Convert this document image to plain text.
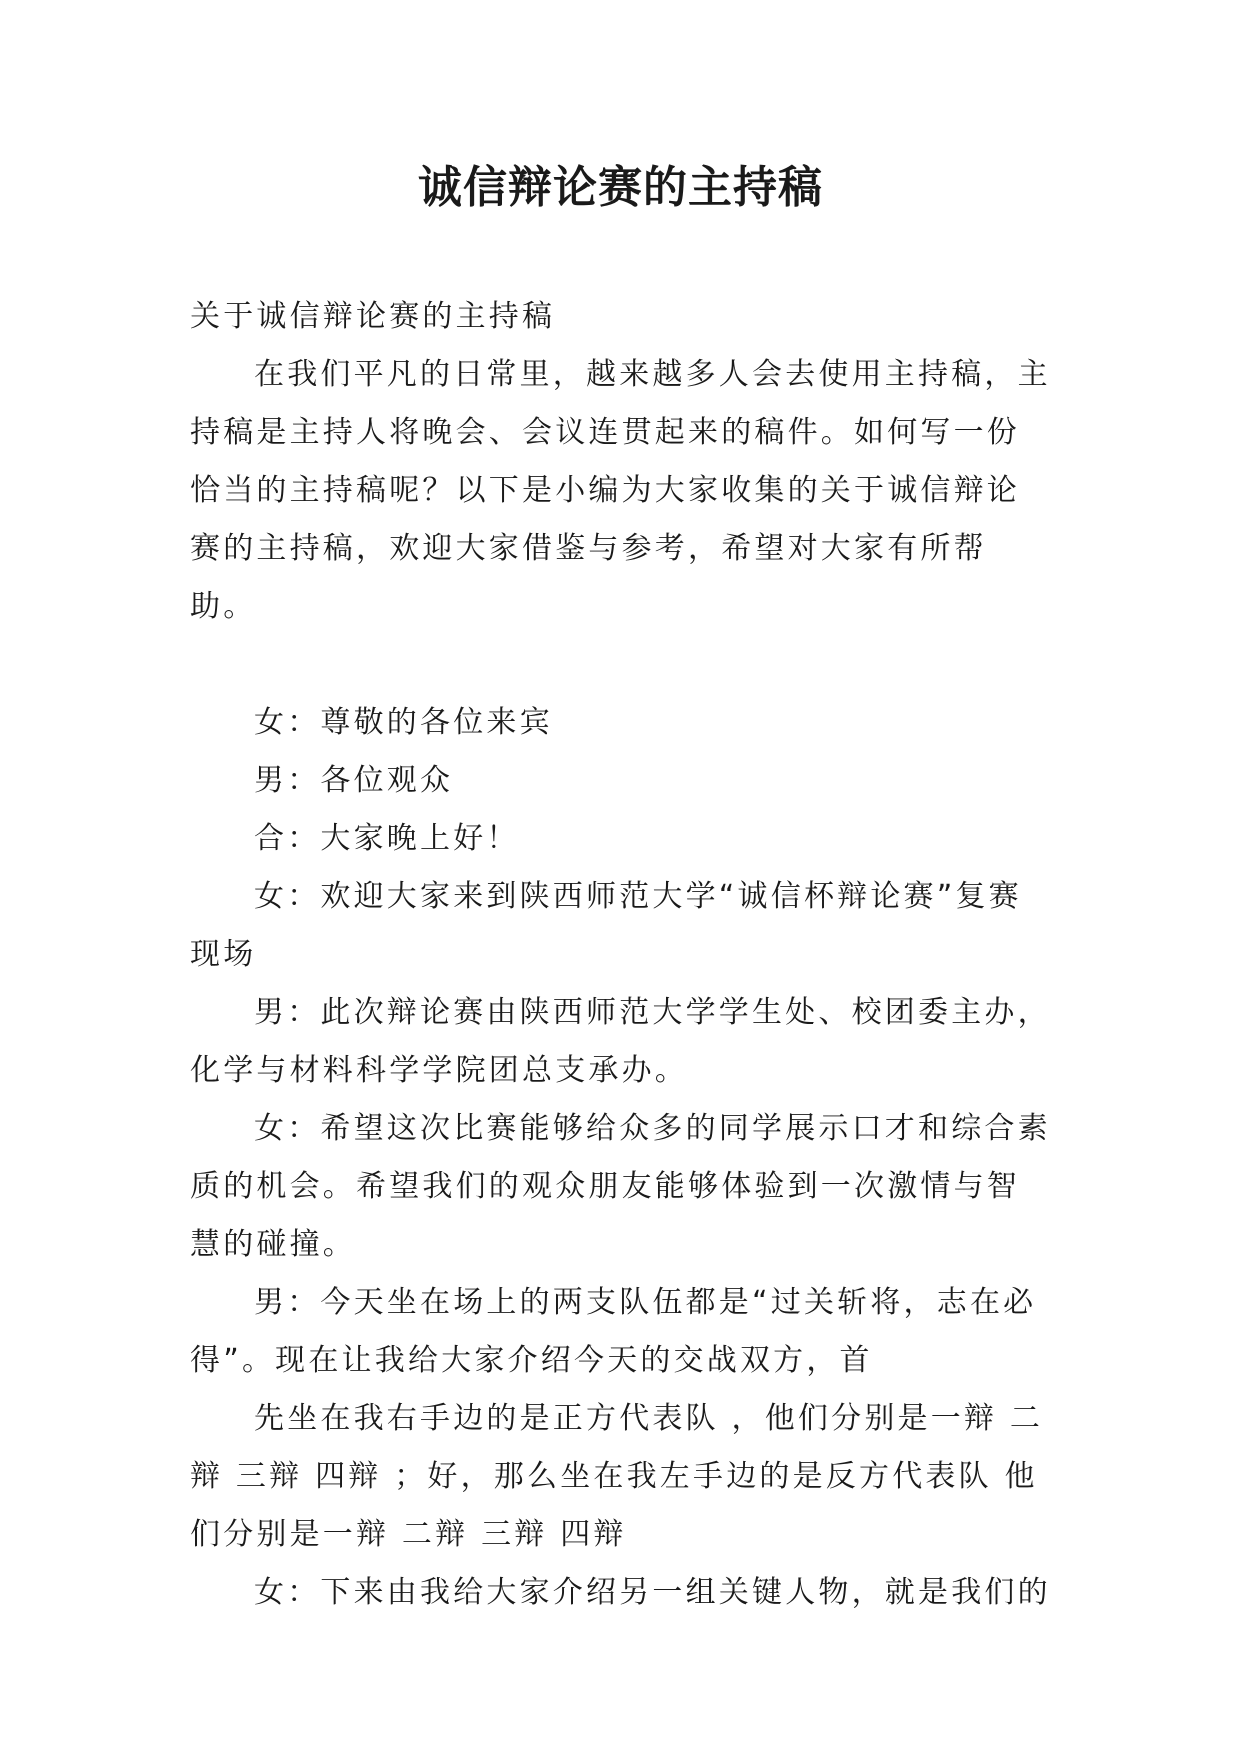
诚信辩论赛的主持稿

关于诚信辩论赛的主持稿

在我们平凡的日常里，越来越多人会去使用主持稿，主持稿是主持人将晚会、会议连贯起来的稿件。如何写一份恰当的主持稿呢？以下是小编为大家收集的关于诚信辩论赛的主持稿，欢迎大家借鉴与参考，希望对大家有所帮助。

女：尊敬的各位来宾

男：各位观众

合：大家晚上好！

女：欢迎大家来到陕西师范大学“诚信杯辩论赛”复赛现场

男：此次辩论赛由陕西师范大学学生处、校团委主办，化学与材料科学学院团总支承办。

女：希望这次比赛能够给众多的同学展示口才和综合素质的机会。希望我们的观众朋友能够体验到一次激情与智慧的碰撞。

男：今天坐在场上的两支队伍都是“过关斩将，志在必得”。现在让我给大家介绍今天的交战双方，首

先坐在我右手边的是正方代表队 ，他们分别是一辩 二辩 三辩 四辩 ；好，那么坐在我左手边的是反方代表队 他们分别是一辩 二辩 三辩 四辩

女：下来由我给大家介绍另一组关键人物，就是我们的
